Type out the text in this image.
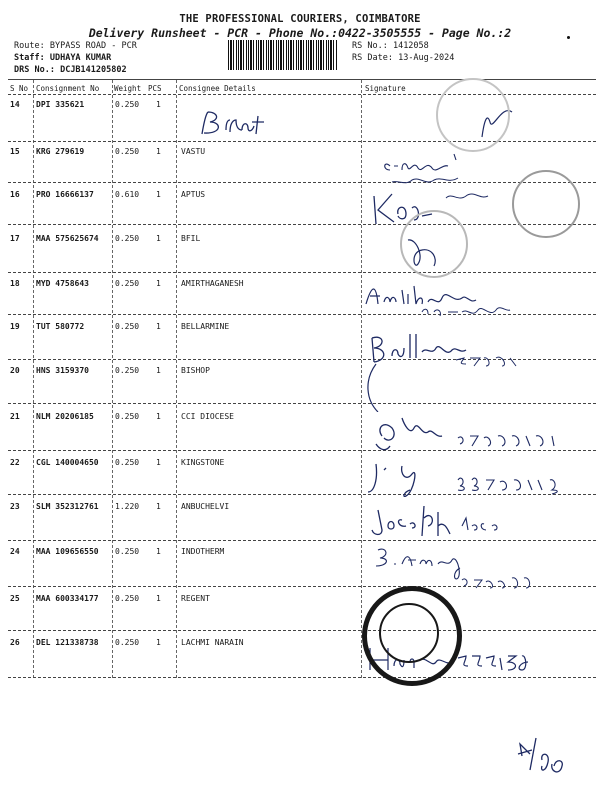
THE PROFESSIONAL COURIERS, COIMBATORE
Delivery Runsheet - PCR - Phone No.:0422-3505555 - Page No.:2
Route: BYPASS ROAD - PCR
Staff: UDHAYA KUMAR
DRS No.: DCJB141205802
RS No.: 1412058
RS Date: 13-Aug-2024
S No Consignment No Weight PCS Consignee Details	Signature
14 DPI 335621	0.250 1
15 KRG 279619	0.250 1	VASTU
16 PRO 16666137	0.610 1	APTUS
17 MAA 575625674 0.250 1	BFIL
18 MYD 4758643	0.250 1	AMIRTHAGANESH
19 TUT 580772	0.250 1	BELLARMINE
20 HNS 3159370	0.250 1	BISHOP
21 NLM 20206185	0.250 1	CCI DIOCESE
22 CGL 140004650 0.250 1	KINGSTONE
23 SLM 352312761 1.220 1	ANBUCHELVI
24 MAA 109656550 0.250 1	INDOTHERM
25 MAA 600334177 0.250 1	REGENT
26 DEL 121338738 0.250 1	LACHMI NARAIN
